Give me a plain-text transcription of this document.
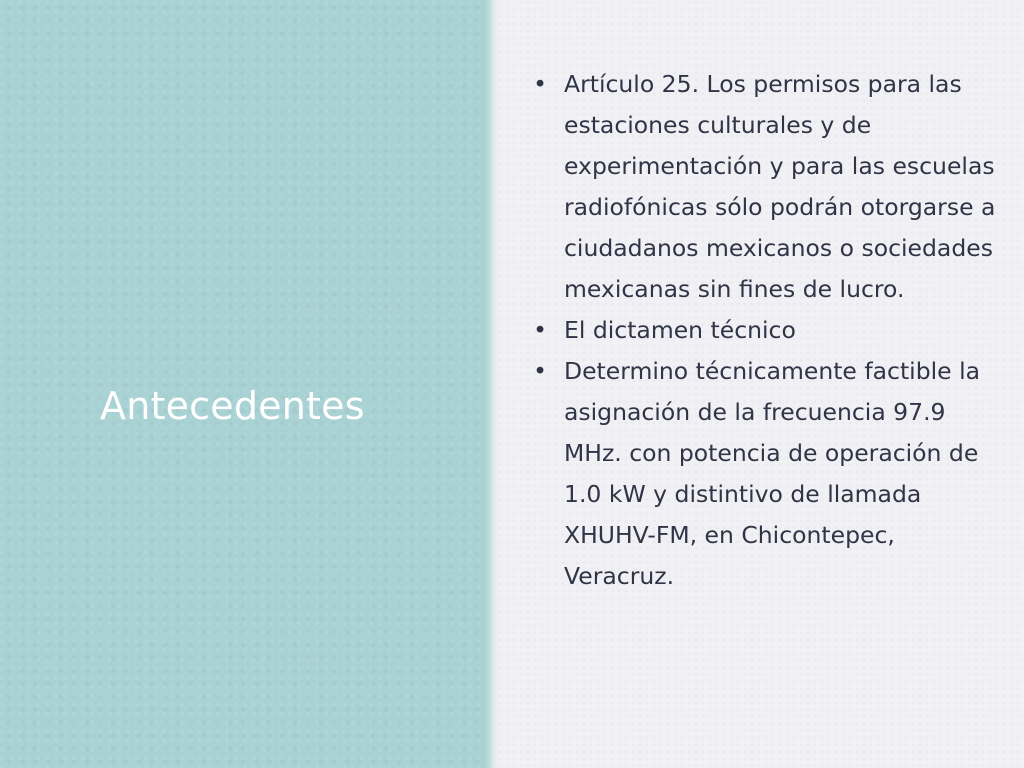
Antecedentes
• Artículo 25. Los permisos para las estaciones culturales y de experimentación y para las escuelas radiofónicas sólo podrán otorgarse a ciudadanos mexicanos o sociedades mexicanas sin fines de lucro.
• El dictamen técnico
• Determino técnicamente factible la asignación de la frecuencia 97.9 MHz. con potencia de operación de 1.0 kW y distintivo de llamada XHUHV-FM, en Chicontepec, Veracruz.
